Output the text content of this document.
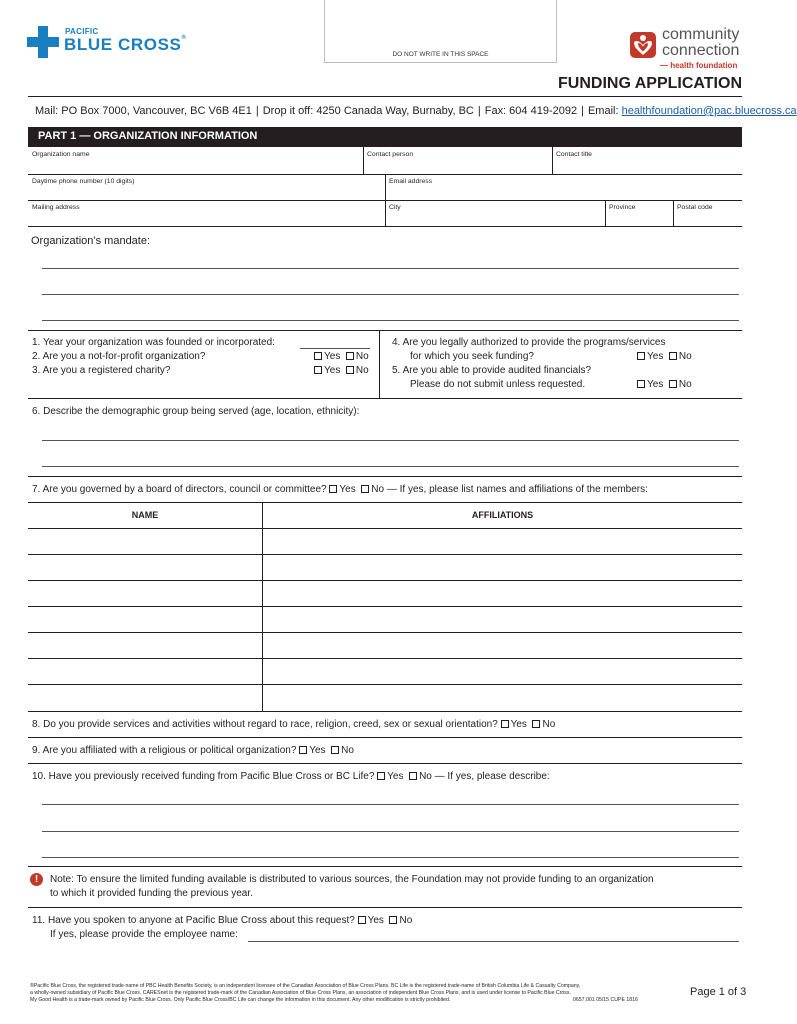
PACIFIC
BLUE CROSS®
DO NOT WRITE IN THIS SPACE
community
connection
— health foundation
FUNDING APPLICATION
Mail: PO Box 7000, Vancouver, BC V6B 4E1 | Drop it off: 4250 Canada Way, Burnaby, BC | Fax: 604 419-2092 | Email: healthfoundation@pac.bluecross.ca
PART 1 — ORGANIZATION INFORMATION
Organization name	Contact person	Contact title
Daytime phone number (10 digits)	Email address
Mailing address	City	Province	Postal code
Organization’s mandate:
1. Year your organization was founded or incorporated:
2. Are you a not-for-profit organization?	Yes No
3. Are you a registered charity?	Yes No
4. Are you legally authorized to provide the programs/services
for which you seek funding?	Yes No
5. Are you able to provide audited financials?
Please do not submit unless requested.	Yes No
6. Describe the demographic group being served (age, location, ethnicity):
7. Are you governed by a board of directors, council or committee? Yes No — If yes, please list names and affiliations of the members:
NAME	AFFILIATIONS
8. Do you provide services and activities without regard to race, religion, creed, sex or sexual orientation? Yes No
9. Are you affiliated with a religious or political organization? Yes No
10. Have you previously received funding from Pacific Blue Cross or BC Life? Yes No — If yes, please describe:
!	Note: To ensure the limited funding available is distributed to various sources, the Foundation may not provide funding to an organization
to which it provided funding the previous year.
11. Have you spoken to anyone at Pacific Blue Cross about this request? Yes No
If yes, please provide the employee name:
®Pacific Blue Cross, the registered trade-name of PBC Health Benefits Society, is an independent licensee of the Canadian Association of Blue Cross Plans. BC Life is the registered trade-name of British Columbia Life & Casualty Company,
a wholly-owned subsidiary of Pacific Blue Cross. CARESnet is the registered trade-mark of the Canadian Association of Blue Cross Plans, an association of independent Blue Cross Plans, and is used under license to Pacific Blue Cross.
My Good Health is a trade-mark owned by Pacific Blue Cross. Only Pacific Blue Cross/BC Life can change the information in this document. Any other modification is strictly prohibited.	0657.001 05/15 CUPE 1816
Page 1 of 3
